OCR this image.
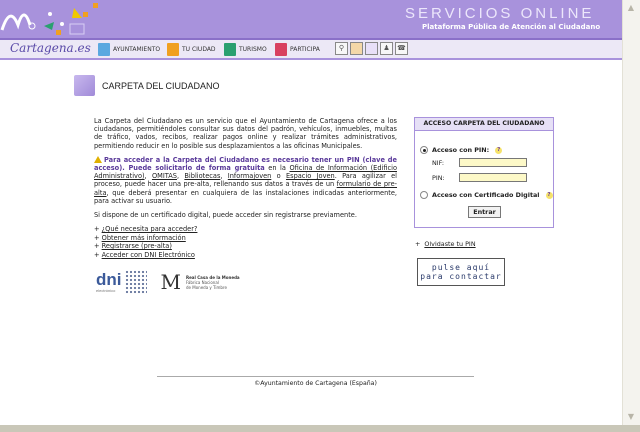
SERVICIOS ONLINE
Plataforma Pública de Atención al Ciudadano
Cartagena.es	AYUNTAMIENTO	TU CIUDAD	TURISMO	PARTICIPA	⚲	♟	☎
CARPETA DEL CIUDADANO

La Carpeta del Ciudadano es un servicio que el Ayuntamiento de Cartagena ofrece a los ciudadanos, permitiéndoles consultar sus datos del padrón, vehículos, inmuebles, multas de tráfico, vados, recibos, realizar pagos online y realizar trámites administrativos, permitiendo reducir en lo posible sus desplazamientos a las oficinas Municipales.

Para acceder a la Carpeta del Ciudadano es necesario tener un PIN (clave de acceso). Puede solicitarlo de forma gratuita en la Oficina de Información (Edificio Administrativo), OMITAS, Bibliotecas, Informajoven o Espacio Joven. Para agilizar el proceso, puede hacer una pre-alta, rellenando sus datos a través de un formulario de pre-alta, que deberá presentar en cualquiera de las instalaciones indicadas anteriormente, para activar su usuario.

Si dispone de un certificado digital, puede acceder sin registrarse previamente.

+ ¿Qué necesita para acceder?
+ Obtener más información
+ Registrarse (pre-alta)
+ Acceder con DNI Electrónico
dni
electrónico	M Real Casa de la Moneda
Fábrica Nacional
de Moneda y Timbre
ACCESO CARPETA DEL CIUDADANO
Acceso con PIN:	?
NIF:
PIN:
Acceso con Certificado Digital	?
Entrar
+ Olvidaste tu PIN
pulse aquí
para contactar
©Ayuntamiento de Cartagena (España)
▲
▼
